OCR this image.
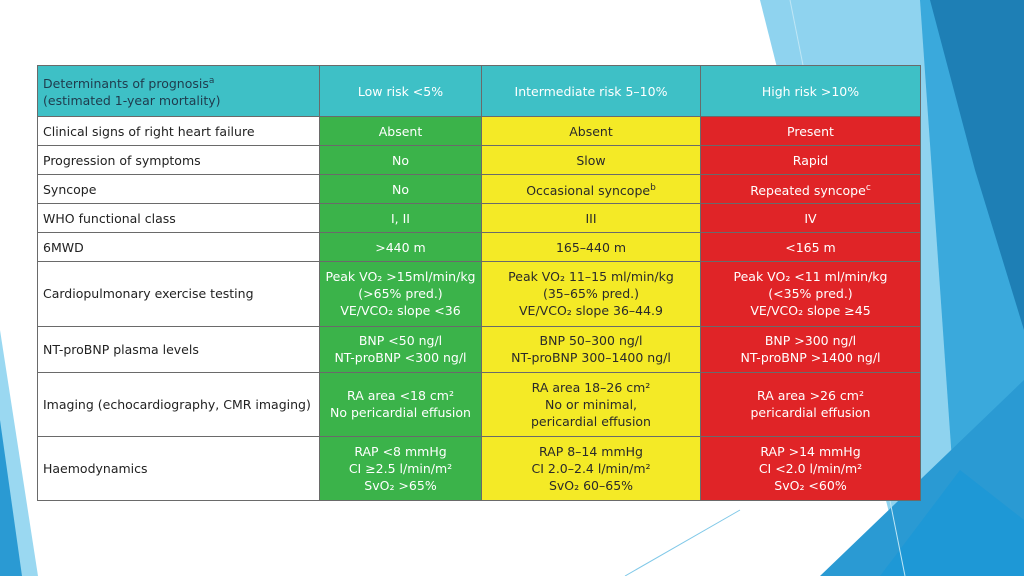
Determinants of prognosis$^a$
(estimated 1-year mortality)	Low risk <5%	Intermediate risk 5–10%	High risk >10%
Clinical signs of right heart failure	Absent	Absent	Present
Progression of symptoms	No	Slow	Rapid
Syncope	No	Occasional syncope$^b$	Repeated syncope$^c$
WHO functional class	I, II	III	IV
6MWD	>440 m	165–440 m	<165 m
Cardiopulmonary exercise testing	Peak VO₂ >15ml/min/kg
(>65% pred.)
VE/VCO₂ slope <36	Peak VO₂ 11–15 ml/min/kg
(35–65% pred.)
VE/VCO₂ slope 36–44.9	Peak VO₂ <11 ml/min/kg
(<35% pred.)
VE/VCO₂ slope ≥45

NT-proBNP plasma levels	BNP <50 ng/l
NT-proBNP <300 ng/l	BNP 50–300 ng/l
NT-proBNP 300–1400 ng/l	BNP >300 ng/l
NT-proBNP >1400 ng/l

Imaging (echocardiography, CMR imaging)	RA area <18 cm²
No pericardial effusion	RA area 18–26 cm²
No or minimal,
pericardial effusion	RA area >26 cm²
pericardial effusion

Haemodynamics	RAP <8 mmHg
CI ≥2.5 l/min/m²
SvO₂ >65%	RAP 8–14 mmHg
CI 2.0–2.4 l/min/m²
SvO₂ 60–65%	RAP >14 mmHg
CI <2.0 l/min/m²
SvO₂ <60%
